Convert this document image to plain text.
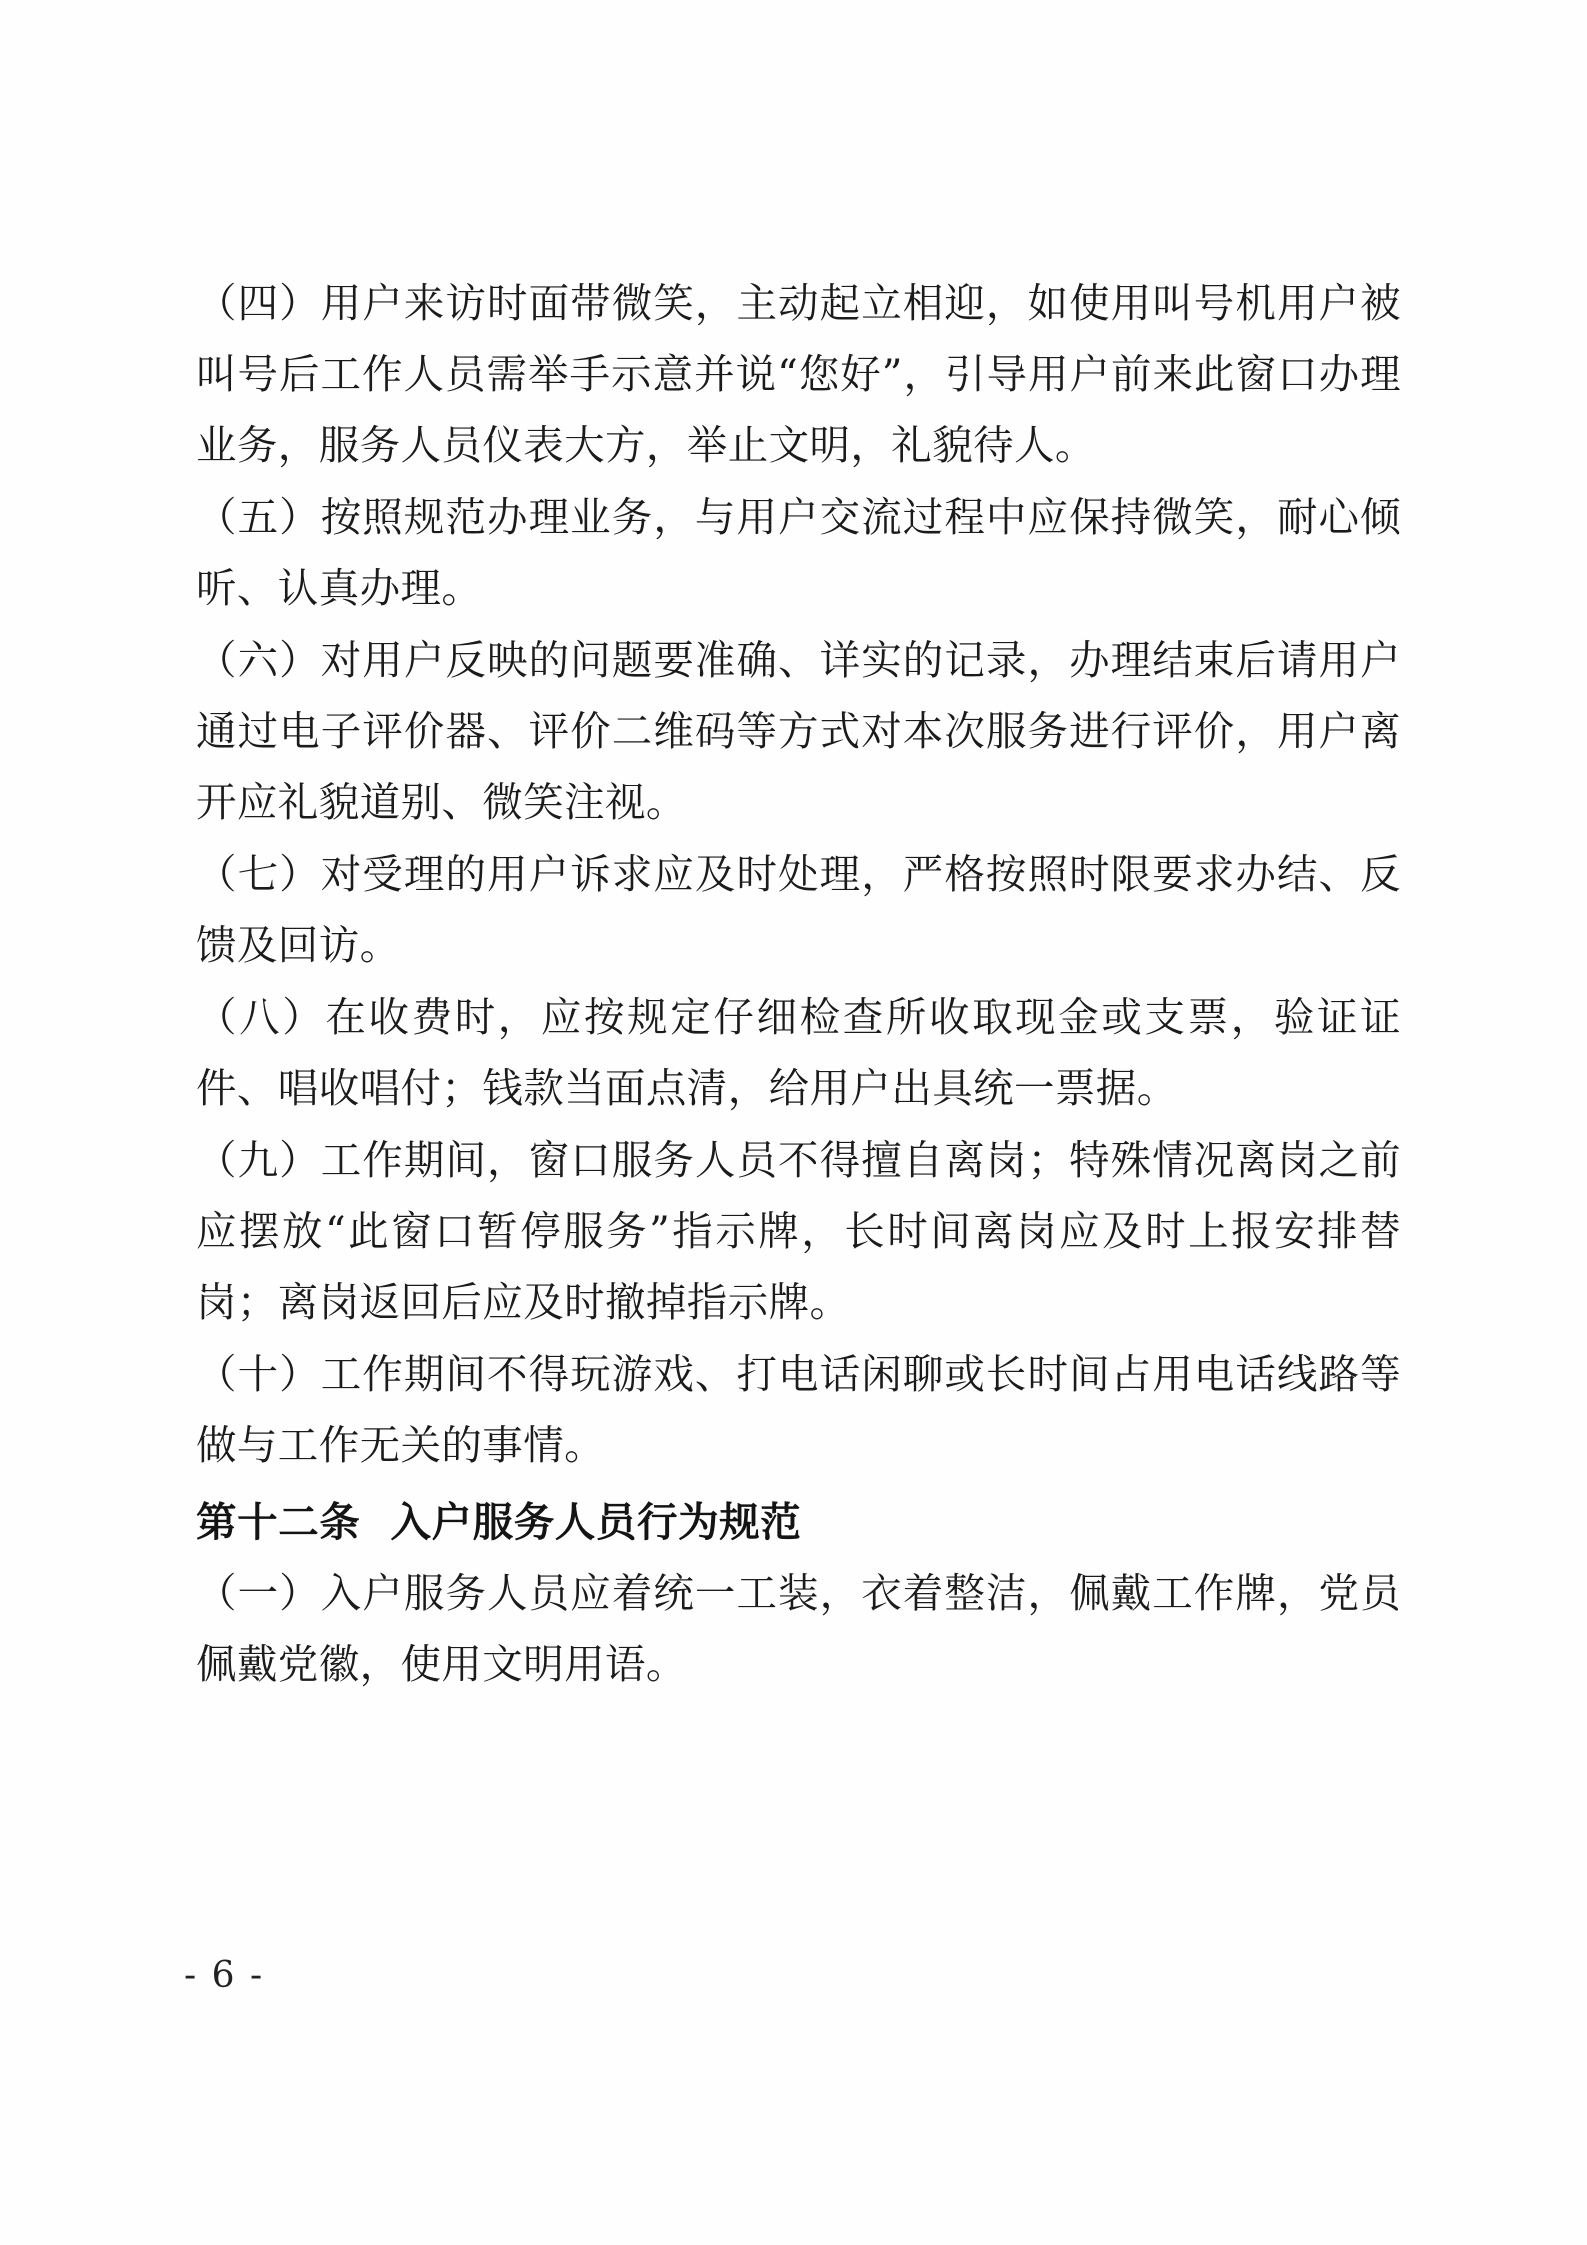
（四）用户来访时面带微笑，主动起立相迎，如使用叫号机用户被叫号后工作人员需举手示意并说“您好”，引导用户前来此窗口办理业务，服务人员仪表大方，举止文明，礼貌待人。

（五）按照规范办理业务，与用户交流过程中应保持微笑，耐心倾听、认真办理。

（六）对用户反映的问题要准确、详实的记录，办理结束后请用户通过电子评价器、评价二维码等方式对本次服务进行评价，用户离开应礼貌道别、微笑注视。

（七）对受理的用户诉求应及时处理，严格按照时限要求办结、反馈及回访。

（八）在收费时，应按规定仔细检查所收取现金或支票，验证证件、唱收唱付；钱款当面点清，给用户出具统一票据。

（九）工作期间，窗口服务人员不得擅自离岗；特殊情况离岗之前应摆放“此窗口暂停服务”指示牌，长时间离岗应及时上报安排替岗；离岗返回后应及时撤掉指示牌。

（十）工作期间不得玩游戏、打电话闲聊或长时间占用电话线路等做与工作无关的事情。

第十二条 入户服务人员行为规范

（一）入户服务人员应着统一工装，衣着整洁，佩戴工作牌，党员佩戴党徽，使用文明用语。

- 6 -
